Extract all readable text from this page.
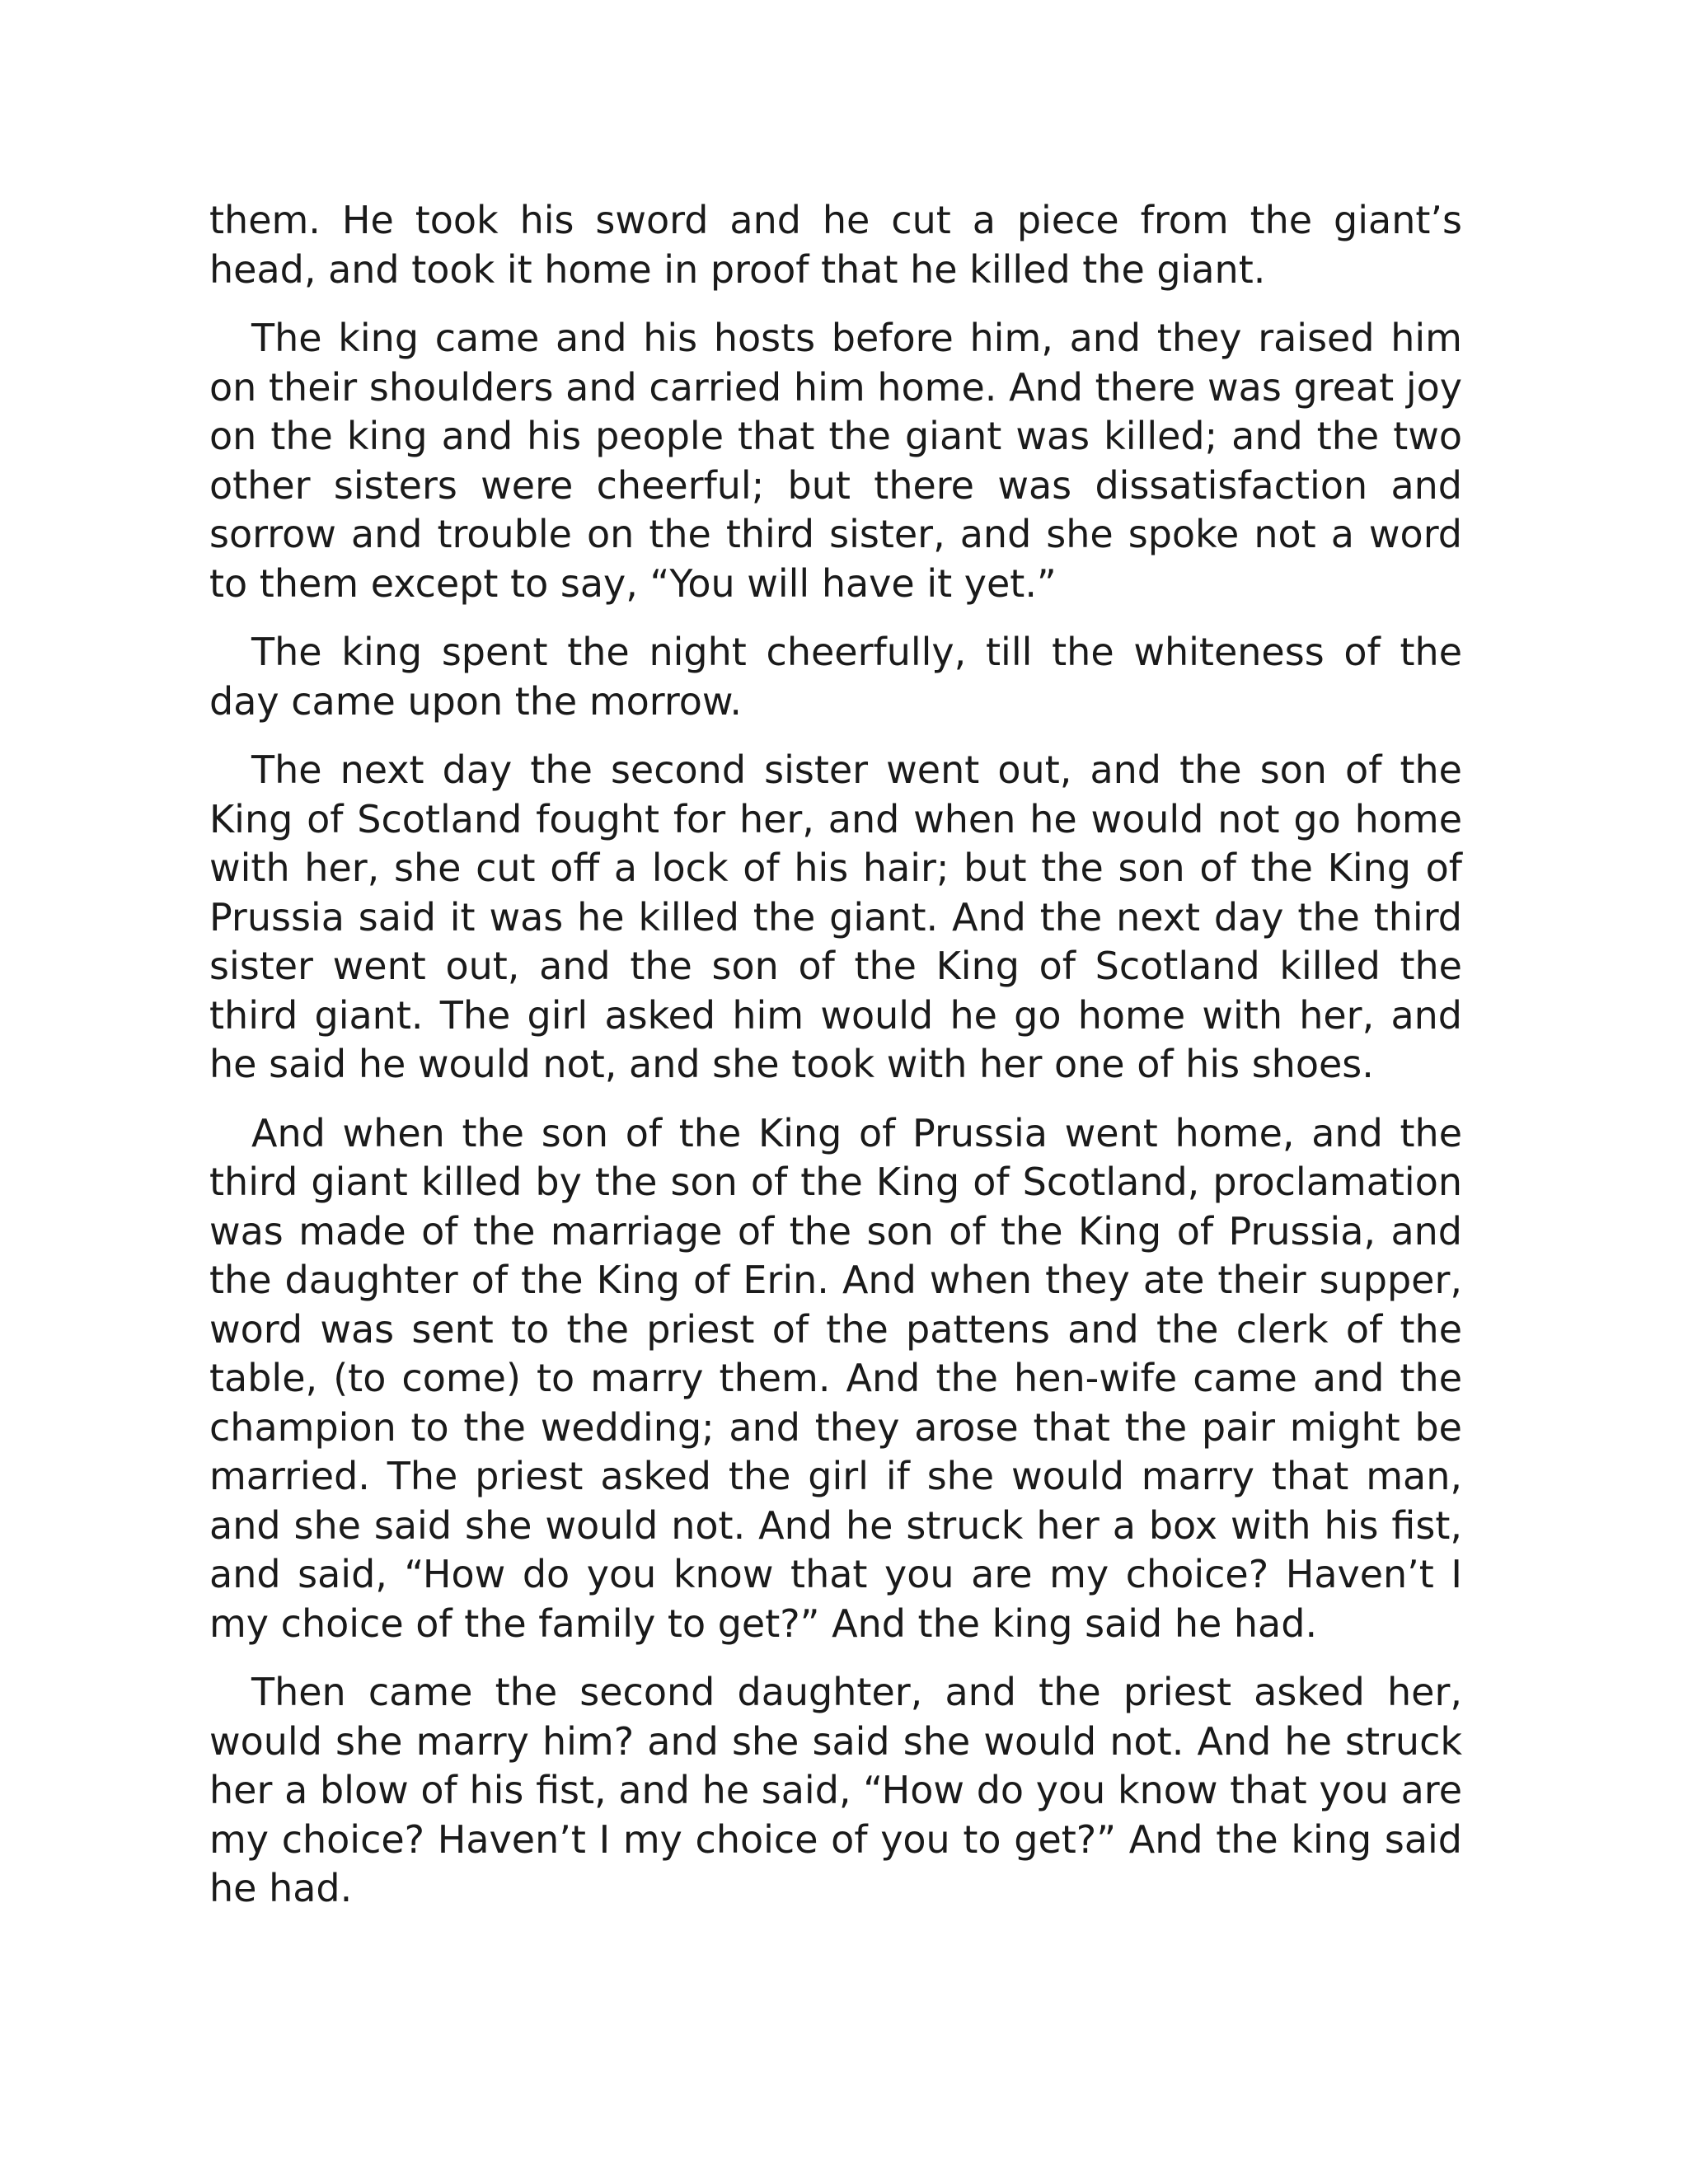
them. He took his sword and he cut a piece from the giant’s head, and took it home in proof that he killed the giant.

The king came and his hosts before him, and they raised him on their shoulders and carried him home. And there was great joy on the king and his people that the giant was killed; and the two other sisters were cheerful; but there was dissatisfaction and sorrow and trouble on the third sister, and she spoke not a word to them except to say, “You will have it yet.”

The king spent the night cheerfully, till the whiteness of the day came upon the morrow.

The next day the second sister went out, and the son of the King of Scotland fought for her, and when he would not go home with her, she cut off a lock of his hair; but the son of the King of Prussia said it was he killed the giant. And the next day the third sister went out, and the son of the King of Scotland killed the third giant. The girl asked him would he go home with her, and he said he would not, and she took with her one of his shoes.

And when the son of the King of Prussia went home, and the third giant killed by the son of the King of Scotland, proclamation was made of the marriage of the son of the King of Prussia, and the daughter of the King of Erin. And when they ate their supper, word was sent to the priest of the pattens and the clerk of the table, (to come) to marry them. And the hen-wife came and the champion to the wedding; and they arose that the pair might be married. The priest asked the girl if she would marry that man, and she said she would not. And he struck her a box with his fist, and said, “How do you know that you are my choice? Haven’t I my choice of the family to get?” And the king said he had.

Then came the second daughter, and the priest asked her, would she marry him? and she said she would not. And he struck her a blow of his fist, and he said, “How do you know that you are my choice? Haven’t I my choice of you to get?” And the king said he had.
